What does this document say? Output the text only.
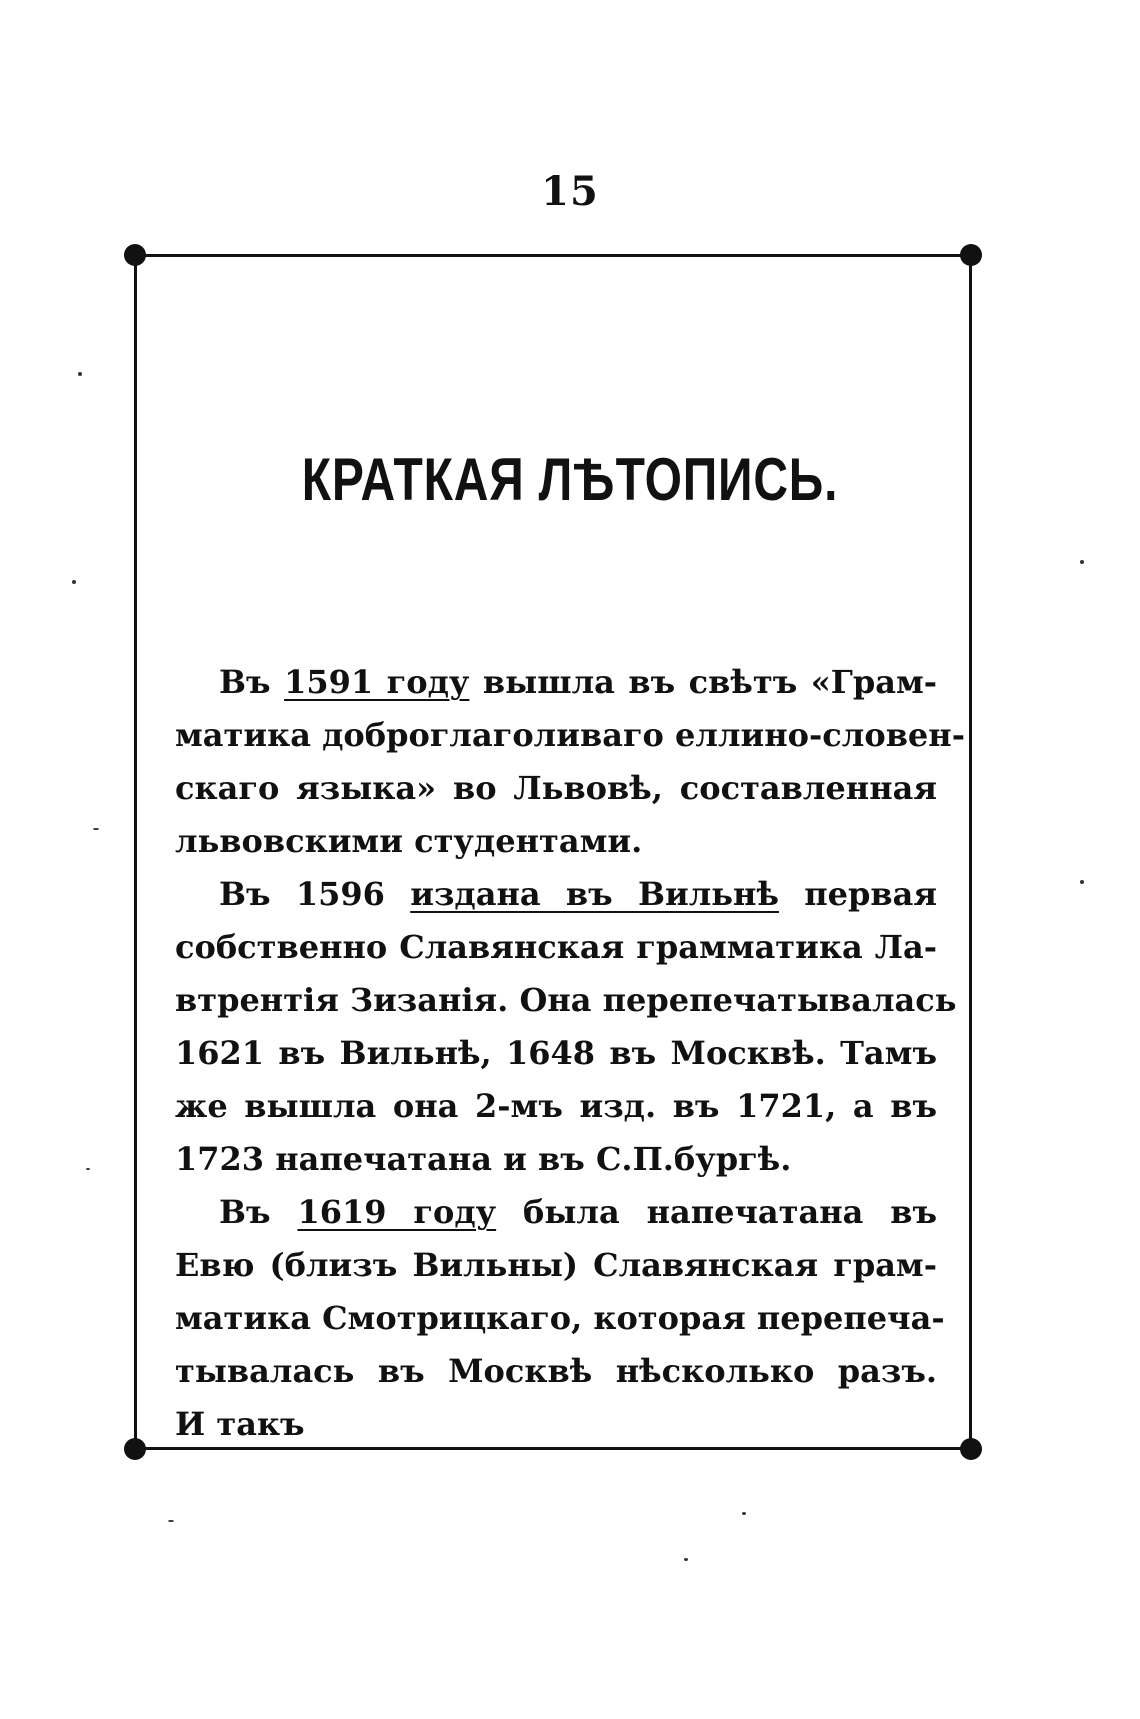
15
КРАТКАЯ ЛѢТОПИСЬ.
Въ 1591 году вышла въ свѣтъ «Грам-
матика доброглаголиваго еллино-словен-
скаго языка» во Львовѣ, составленная
львовскими студентами.
Въ 1596 издана въ Вильнѣ первая
собственно Славянская грамматика Ла-
втрентія Зизанія. Она перепечатывалась
1621 въ Вильнѣ, 1648 въ Москвѣ. Тамъ
же вышла она 2-мъ изд. въ 1721, а въ
1723 напечатана и въ С.П.бургѣ.
Въ 1619 году была напечатана въ
Евю (близъ Вильны) Славянская грам-
матика Смотрицкаго, которая перепеча-
тывалась въ Москвѣ нѣсколько разъ.
И такъ
